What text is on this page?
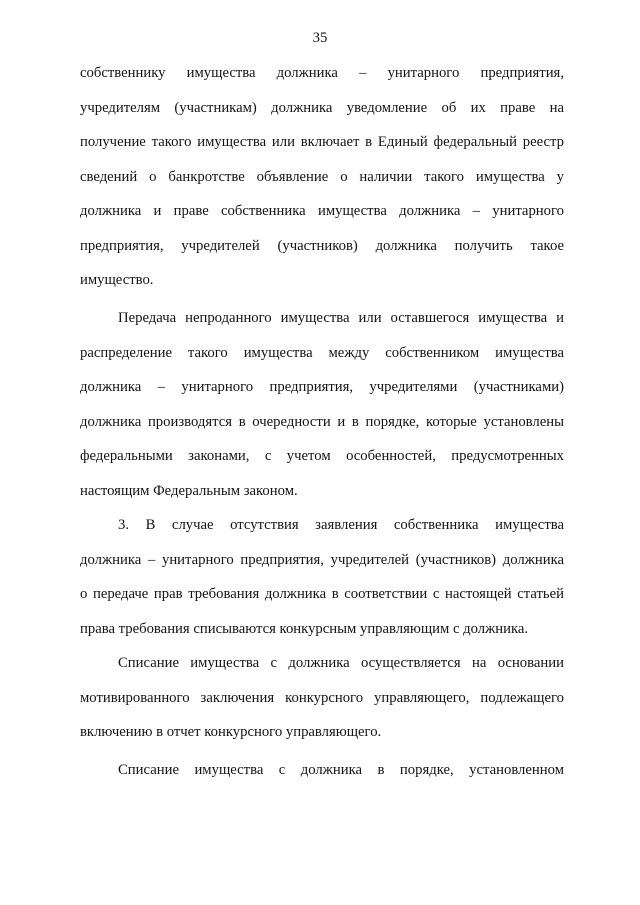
35
собственнику имущества должника – унитарного предприятия,
учредителям (участникам) должника уведомление об их праве на
получение такого имущества или включает в Единый федеральный реестр
сведений о банкротстве объявление о наличии такого имущества у
должника и праве собственника имущества должника – унитарного
предприятия, учредителей (участников) должника получить такое
имущество.
Передача непроданного имущества или оставшегося имущества и
распределение такого имущества между собственником имущества
должника – унитарного предприятия, учредителями (участниками)
должника производятся в очередности и в порядке, которые установлены
федеральными законами, с учетом особенностей, предусмотренных
настоящим Федеральным законом.
3. В случае отсутствия заявления собственника имущества
должника – унитарного предприятия, учредителей (участников) должника
о передаче прав требования должника в соответствии с настоящей статьей
права требования списываются конкурсным управляющим с должника.
Списание имущества с должника осуществляется на основании
мотивированного заключения конкурсного управляющего, подлежащего
включению в отчет конкурсного управляющего.
Списание имущества с должника в порядке, установленном
